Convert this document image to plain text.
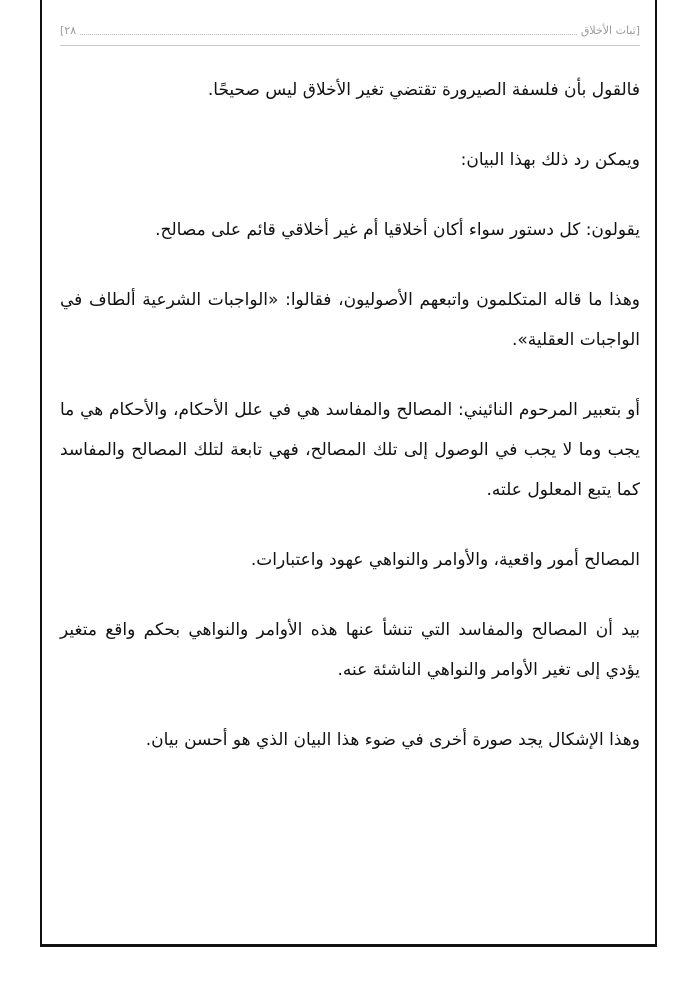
[
ثبات الأخلاق
٢٨
]

فالقول بأن فلسفة الصيرورة تقتضي تغير الأخلاق ليس صحيحًا.

ويمكن رد ذلك بهذا البيان:

يقولون: كل دستور سواء أكان أخلاقيا أم غير أخلاقي قائم على مصالح.

وهذا ما قاله المتكلمون واتبعهم الأصوليون، فقالوا: «الواجبات الشرعية ألطاف في الواجبات العقلية».

أو بتعبير المرحوم النائيني: المصالح والمفاسد هي في علل الأحكام، والأحكام هي ما يجب وما لا يجب في الوصول إلى تلك المصالح، فهي تابعة لتلك المصالح والمفاسد كما يتبع المعلول علته.

المصالح أمور واقعية، والأوامر والنواهي عهود واعتبارات.

بيد أن المصالح والمفاسد التي تنشأ عنها هذه الأوامر والنواهي بحكم واقع متغير يؤدي إلى تغير الأوامر والنواهي الناشئة عنه.

وهذا الإشكال يجد صورة أخرى في ضوء هذا البيان الذي هو أحسن بيان.
